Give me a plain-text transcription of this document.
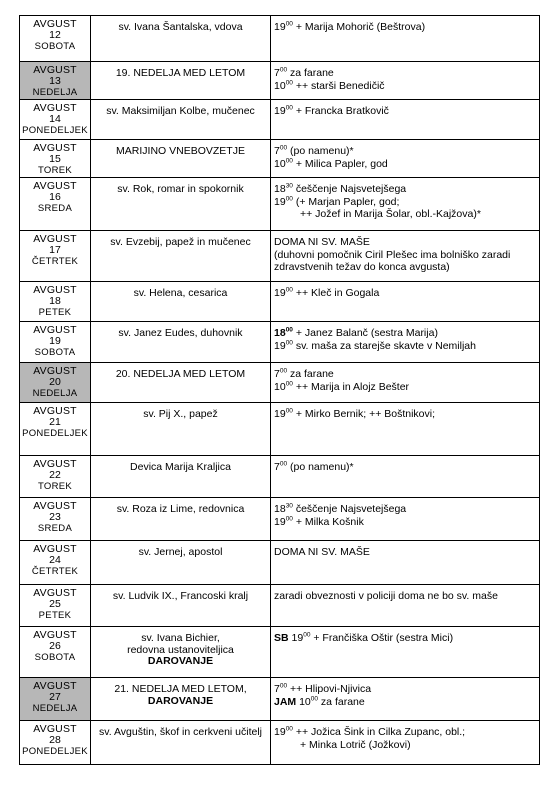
AVGUST
12
SOBOTA	sv. Ivana Šantalska, vdova	$19^{00}$ + Marija Mohorič (Beštrova)

AVGUST
13
NEDELJA	19. NEDELJA MED LETOM	$7^{00}$ za farane
$10^{00}$ ++ starši Benedičič

AVGUST
14
PONEDELJEK	sv. Maksimiljan Kolbe, mučenec	$19^{00}$ + Francka Bratkovič

AVGUST
15
TOREK	MARIJINO VNEBOVZETJE	$7^{00}$ (po namenu)*
$10^{00}$ + Milica Papler, god

AVGUST
16
SREDA	sv. Rok, romar in spokornik	$18^{30}$ češčenje Najsvetejšega
$19^{00}$ (+ Marjan Papler, god;
++ Jožef in Marija Šolar, obl.-Kajžova)*

AVGUST
17
ČETRTEK	sv. Evzebij, papež in mučenec	DOMA NI SV. MAŠE
(duhovni pomočnik Ciril Plešec ima bolniško zaradi
zdravstvenih težav do konca avgusta)

AVGUST
18
PETEK	sv. Helena, cesarica	$19^{00}$ ++ Kleč in Gogala

AVGUST
19
SOBOTA	sv. Janez Eudes, duhovnik	$18^{00}$ + Janez Balanč (sestra Marija)
$19^{00}$ sv. maša za starejše skavte v Nemiljah

AVGUST
20
NEDELJA	20. NEDELJA MED LETOM	$7^{00}$ za farane
$10^{00}$ ++ Marija in Alojz Bešter

AVGUST
21
PONEDELJEK	sv. Pij X., papež	$19^{00}$ + Mirko Bernik; ++ Boštnikovi;

AVGUST
22
TOREK	Devica Marija Kraljica	$7^{00}$ (po namenu)*

AVGUST
23
SREDA	sv. Roza iz Lime, redovnica	$18^{30}$ češčenje Najsvetejšega
$19^{00}$ + Milka Košnik

AVGUST
24
ČETRTEK	sv. Jernej, apostol	DOMA NI SV. MAŠE

AVGUST
25
PETEK	sv. Ludvik IX., Francoski kralj	zaradi obveznosti v policiji doma ne bo sv. maše

AVGUST
26
SOBOTA	sv. Ivana Bichier,
redovna ustanoviteljica
DAROVANJE	SB $19^{00}$ + Frančiška Oštir (sestra Mici)

AVGUST
27
NEDELJA	21. NEDELJA MED LETOM,
DAROVANJE	$7^{00}$ ++ Hlipovi-Njivica
JAM $10^{00}$ za farane

AVGUST
28
PONEDELJEK	sv. Avguštin, škof in cerkveni učitelj	$19^{00}$ ++ Jožica Šink in Cilka Zupanc, obl.;
+ Minka Lotrič (Jožkovi)
